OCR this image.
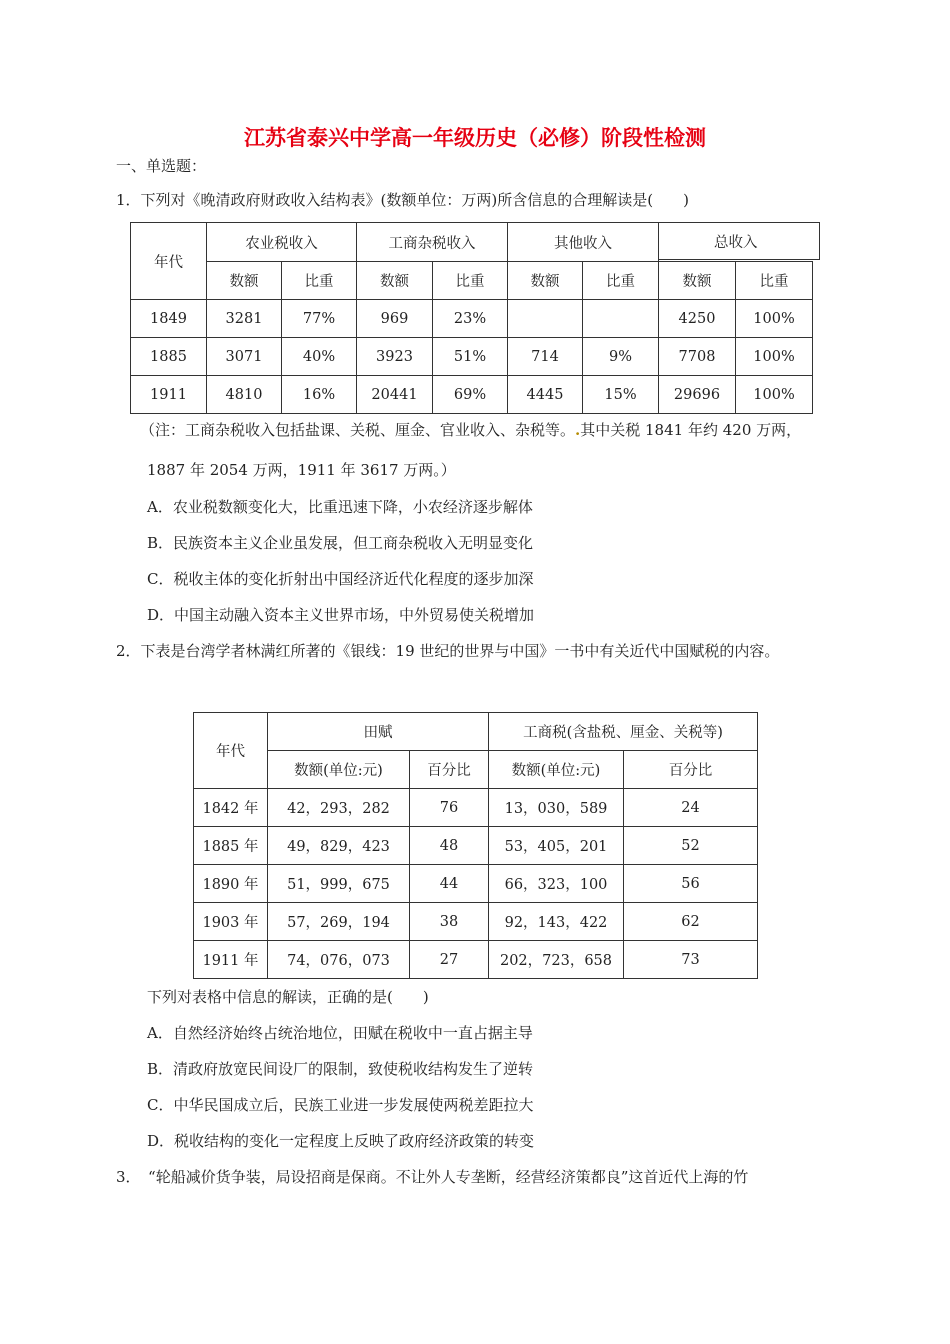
江苏省泰兴中学高一年级历史（必修）阶段性检测
一、单选题：
1．下列对《晚清政府财政收入结构表》(数额单位：万两)所含信息的合理解读是(　　)
年代	农业税收入		工商杂税收入		其他收入		总收入	
	数额	比重	数额	比重	数额	比重	数额	比重
1849	3281	77%	969	23%			4250	100%
1885	3071	40%	3923	51%	714	9%	7708	100%
1911	4810	16%	20441	69%	4445	15%	29696	100%
（注：工商杂税收入包括盐课、关税、厘金、官业收入、杂税等。.其中关税 1841 年约 420 万两，
1887 年 2054 万两，1911 年 3617 万两。）
A．农业税数额变化大，比重迅速下降，小农经济逐步解体
B．民族资本主义企业虽发展，但工商杂税收入无明显变化
C．税收主体的变化折射出中国经济近代化程度的逐步加深
D．中国主动融入资本主义世界市场，中外贸易使关税增加
2．下表是台湾学者林满红所著的《银线：19 世纪的世界与中国》一书中有关近代中国赋税的内容。
年代	田赋		工商税(含盐税、厘金、关税等)	
	数额(单位:元)	百分比	数额(单位:元)	百分比
1842 年	42，293，282	76	13，030，589	24
1885 年	49，829，423	48	53，405，201	52
1890 年	51，999，675	44	66，323，100	56
1903 年	57，269，194	38	92，143，422	62
1911 年	74，076，073	27	202，723，658	73
下列对表格中信息的解读，正确的是(　　)
A．自然经济始终占统治地位，田赋在税收中一直占据主导
B．清政府放宽民间设厂的限制，致使税收结构发生了逆转
C．中华民国成立后，民族工业进一步发展使两税差距拉大
D．税收结构的变化一定程度上反映了政府经济政策的转变
3．　“轮船减价货争装，局设招商是保商。不让外人专垄断，经营经济策都良”这首近代上海的竹
